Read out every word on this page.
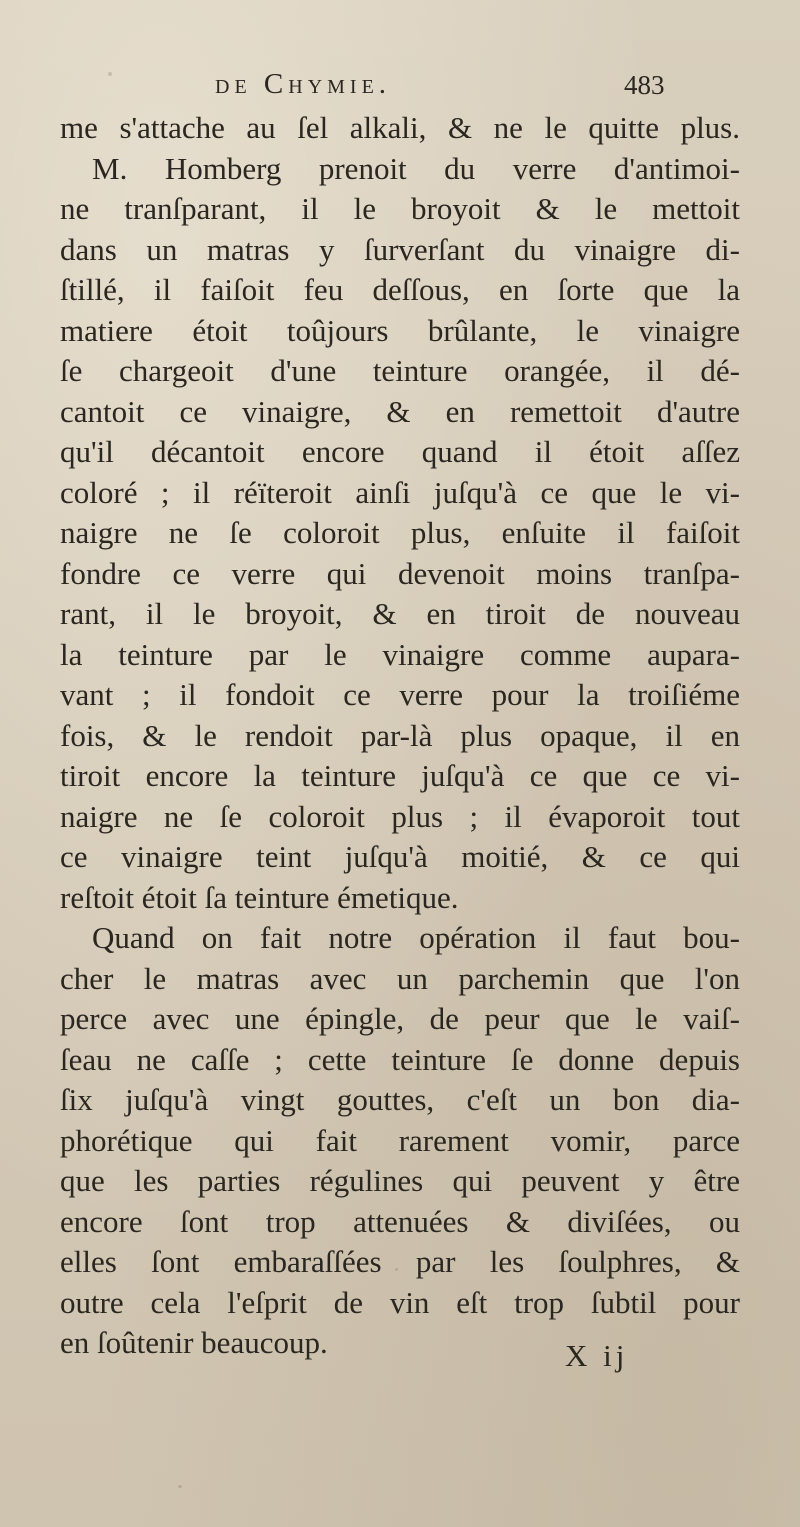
de Chymie.	483
me s'attache au ſel alkali, & ne le quitte plus.
M. Homberg prenoit du verre d'antimoi-
ne tranſparant, il le broyoit & le mettoit
dans un matras y ſurverſant du vinaigre di-
ſtillé, il faiſoit feu deſſous, en ſorte que la
matiere étoit toûjours brûlante, le vinaigre
ſe chargeoit d'une teinture orangée, il dé-
cantoit ce vinaigre, & en remettoit d'autre
qu'il décantoit encore quand il étoit aſſez
coloré ; il réïteroit ainſi juſqu'à ce que le vi-
naigre ne ſe coloroit plus, enſuite il faiſoit
fondre ce verre qui devenoit moins tranſpa-
rant, il le broyoit, & en tiroit de nouveau
la teinture par le vinaigre comme aupara-
vant ; il fondoit ce verre pour la troiſiéme
fois, & le rendoit par-là plus opaque, il en
tiroit encore la teinture juſqu'à ce que ce vi-
naigre ne ſe coloroit plus ; il évaporoit tout
ce vinaigre teint juſqu'à moitié, & ce qui
reſtoit étoit ſa teinture émetique.
Quand on fait notre opération il faut bou-
cher le matras avec un parchemin que l'on
perce avec une épingle, de peur que le vaiſ-
ſeau ne caſſe ; cette teinture ſe donne depuis
ſix juſqu'à vingt gouttes, c'eſt un bon dia-
phorétique qui fait rarement vomir, parce
que les parties régulines qui peuvent y être
encore ſont trop attenuées & diviſées, ou
elles ſont embaraſſées par les ſoulphres, &
outre cela l'eſprit de vin eſt trop ſubtil pour
en ſoûtenir beaucoup.	X ij
